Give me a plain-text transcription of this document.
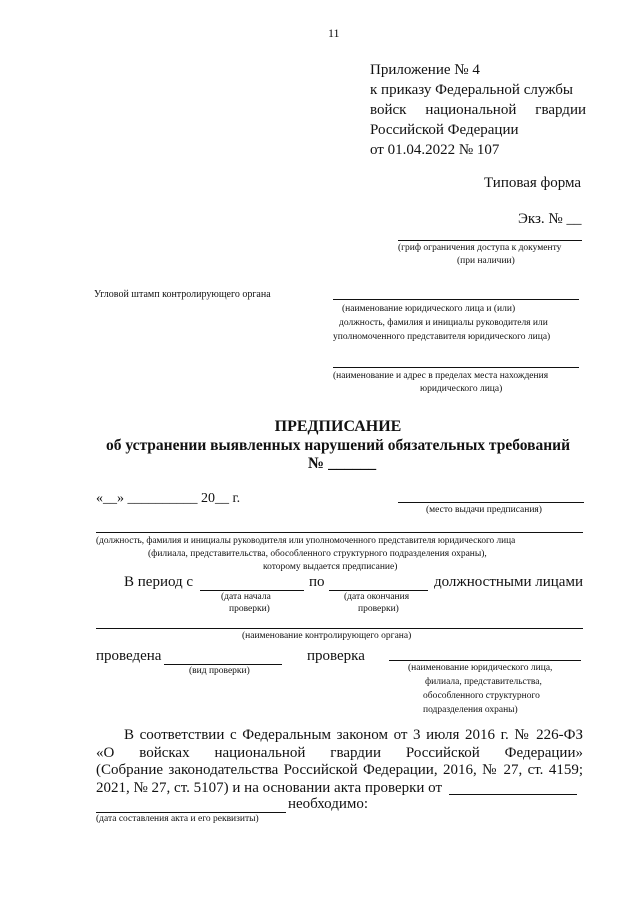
11
Приложение № 4
к приказу Федеральной службы
войск национальной гвардии
Российской Федерации
от 01.04.2022 № 107
Типовая форма
Экз. № __
(гриф ограничения доступа к документу
(при наличии)
Угловой штамп контролирующего органа
(наименование юридического лица и (или)
должность, фамилия и инициалы руководителя или
уполномоченного представителя юридического лица)
(наименование и адрес в пределах места нахождения
юридического лица)
ПРЕДПИСАНИЕ
об устранении выявленных нарушений обязательных требований
№ ______
«__» __________ 20__ г.
(место выдачи предписания)
(должность, фамилия и инициалы руководителя или уполномоченного представителя юридического лица
(филиала, представительства, обособленного структурного подразделения охраны),
которому выдается предписание)
В период с	по	должностными лицами
(дата начала
проверки)
(дата окончания
проверки)
(наименование контролирующего органа)
проведена	проверка
(вид проверки)	(наименование юридического лица,
филиала, представительства,
обособленного структурного
подразделения охраны)
В соответствии с Федеральным законом от 3 июля 2016 г. № 226-ФЗ
«О войсках национальной гвардии Российской Федерации»
(Собрание законодательства Российской Федерации, 2016, № 27, ст. 4159;
2021, № 27, ст. 5107) и на основании акта проверки от
необходимо:
(дата составления акта и его реквизиты)
